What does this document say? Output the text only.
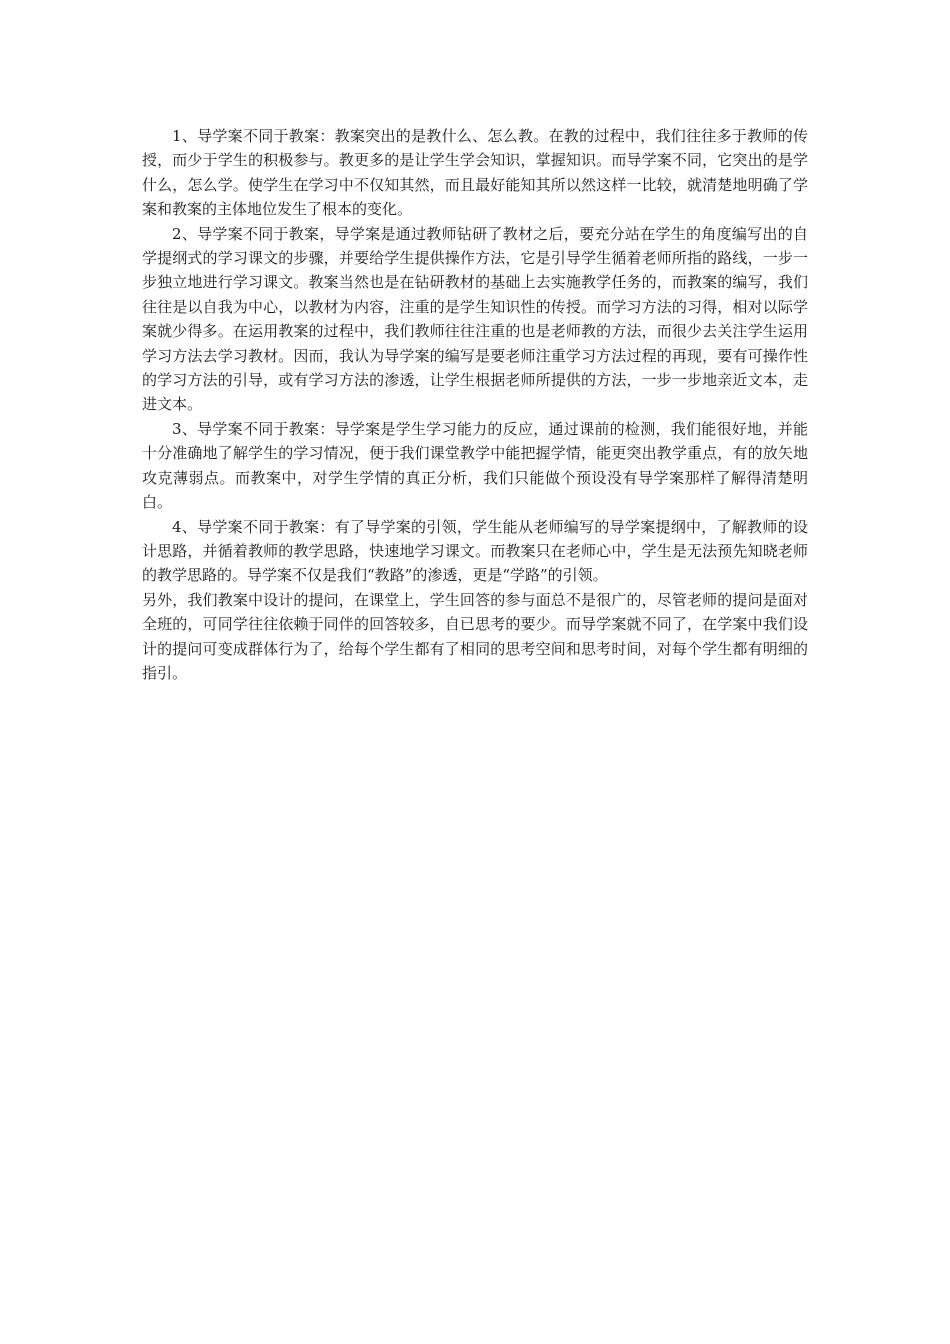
1、导学案不同于教案：教案突出的是教什么、怎么教。在教的过程中，我们往往多于教师的传授，而少于学生的积极参与。教更多的是让学生学会知识，掌握知识。而导学案不同，它突出的是学什么，怎么学。使学生在学习中不仅知其然，而且最好能知其所以然这样一比较，就清楚地明确了学案和教案的主体地位发生了根本的变化。

2、导学案不同于教案，导学案是通过教师钻研了教材之后，要充分站在学生的角度编写出的自学提纲式的学习课文的步骤，并要给学生提供操作方法，它是引导学生循着老师所指的路线，一步一步独立地进行学习课文。教案当然也是在钻研教材的基础上去实施教学任务的，而教案的编写，我们往往是以自我为中心，以教材为内容，注重的是学生知识性的传授。而学习方法的习得，相对以际学案就少得多。在运用教案的过程中，我们教师往往注重的也是老师教的方法，而很少去关注学生运用学习方法去学习教材。因而，我认为导学案的编写是要老师注重学习方法过程的再现，要有可操作性的学习方法的引导，或有学习方法的渗透，让学生根据老师所提供的方法，一步一步地亲近文本，走进文本。

3、导学案不同于教案：导学案是学生学习能力的反应，通过课前的检测，我们能很好地，并能十分准确地了解学生的学习情况，便于我们课堂教学中能把握学情，能更突出教学重点，有的放矢地攻克薄弱点。而教案中，对学生学情的真正分析，我们只能做个预设没有导学案那样了解得清楚明白。

4、导学案不同于教案：有了导学案的引领，学生能从老师编写的导学案提纲中，了解教师的设计思路，并循着教师的教学思路，快速地学习课文。而教案只在老师心中，学生是无法预先知晓老师的教学思路的。导学案不仅是我们“教路”的渗透，更是“学路”的引领。

另外，我们教案中设计的提问，在课堂上，学生回答的参与面总不是很广的，尽管老师的提问是面对全班的，可同学往往依赖于同伴的回答较多，自已思考的要少。而导学案就不同了，在学案中我们设计的提问可变成群体行为了，给每个学生都有了相同的思考空间和思考时间，对每个学生都有明细的指引。
